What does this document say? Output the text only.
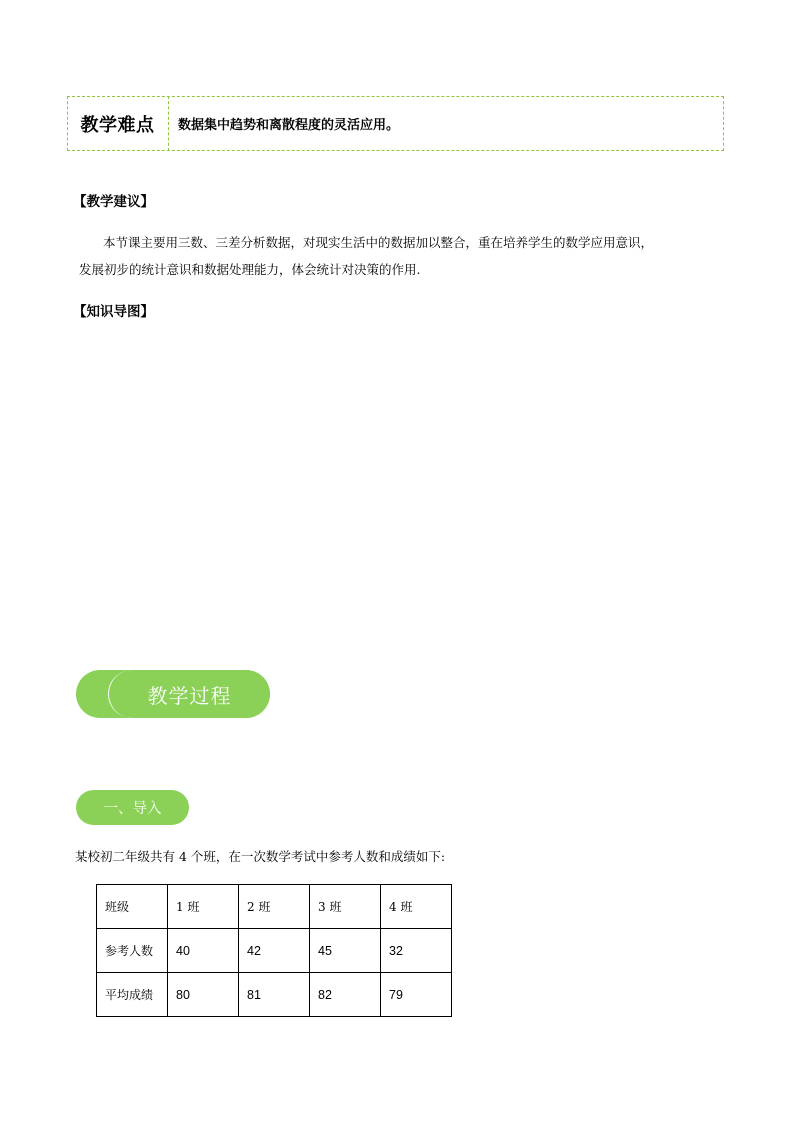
教学难点	数据集中趋势和离散程度的灵活应用。
【教学建议】
本节课主要用三数、三差分析数据，对现实生活中的数据加以整合，重在培养学生的数学应用意识，
发展初步的统计意识和数据处理能力，体会统计对决策的作用.
【知识导图】
教学过程
一、导入
某校初二年级共有 4 个班，在一次数学考试中参考人数和成绩如下:
班级	1 班	2 班	3 班	4 班
参考人数	40	42	45	32
平均成绩	80	81	82	79
